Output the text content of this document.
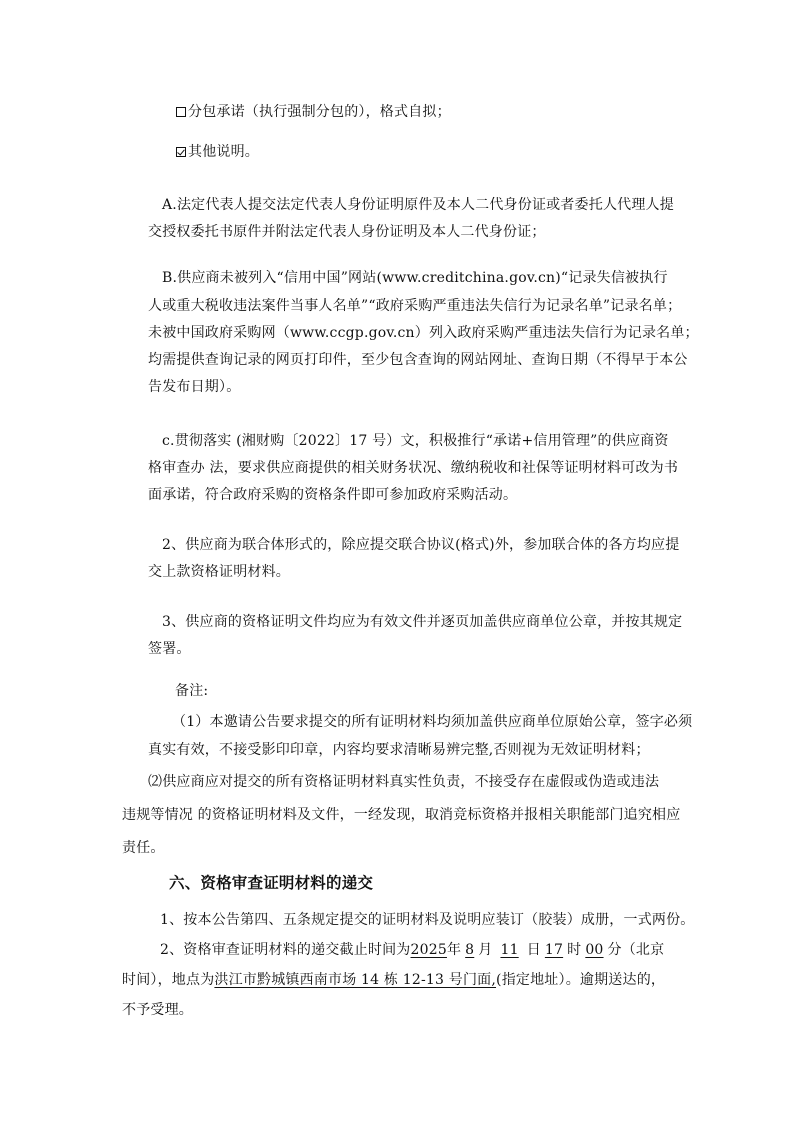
分包承诺（执行强制分包的），格式自拟；
其他说明。
A.法定代表人提交法定代表人身份证明原件及本人二代身份证或者委托人代理人提
交授权委托书原件并附法定代表人身份证明及本人二代身份证；
B.供应商未被列入“信用中国”网站(www.creditchina.gov.cn)“记录失信被执行
人或重大税收违法案件当事人名单”“政府采购严重违法失信行为记录名单”记录名单；
未被中国政府采购网（www.ccgp.gov.cn）列入政府采购严重违法失信行为记录名单；
均需提供查询记录的网页打印件，至少包含查询的网站网址、查询日期（不得早于本公
告发布日期）。
c.贯彻落实 (湘财购〔2022〕17 号）文，积极推行“承诺+信用管理”的供应商资
格审查办 法，要求供应商提供的相关财务状况、缴纳税收和社保等证明材料可改为书
面承诺，符合政府采购的资格条件即可参加政府采购活动。
2、供应商为联合体形式的，除应提交联合协议(格式)外，参加联合体的各方均应提
交上款资格证明材料。
3、供应商的资格证明文件均应为有效文件并逐页加盖供应商单位公章，并按其规定
签署。
备注:
（1）本邀请公告要求提交的所有证明材料均须加盖供应商单位原始公章，签字必须
真实有效，不接受影印印章，内容均要求清晰易辨完整,否则视为无效证明材料；
⑵供应商应对提交的所有资格证明材料真实性负责，不接受存在虚假或伪造或违法
违规等情况 的资格证明材料及文件，一经发现，取消竞标资格并报相关职能部门追究相应
责任。
六、资格审查证明材料的递交
1、按本公告第四、五条规定提交的证明材料及说明应装订（胶装）成册，一式两份。
2、资格审查证明材料的递交截止时间为2025年 8 月 11 日 17 时 00 分（北京
时间），地点为洪江市黔城镇西南市场 14 栋 12-13 号门面,(指定地址）。逾期送达的，
不予受理。
